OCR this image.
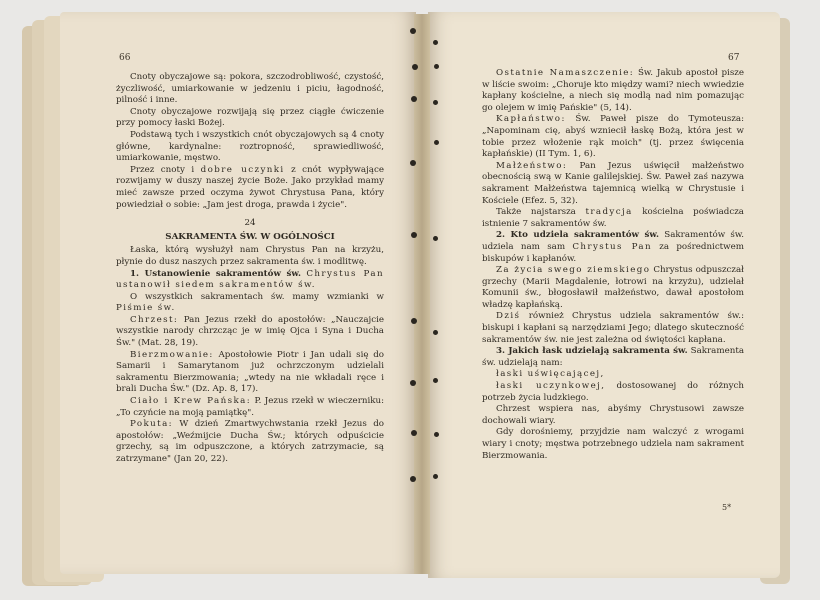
66	67

Cnoty obyczajowe są: pokora, szczodrobliwość, czystość, życzliwość, umiarkowanie w jedzeniu i piciu, łagodność, pilność i inne.

Cnoty obyczajowe rozwijają się przez ciągłe ćwiczenie przy pomocy łaski Bożej.

Podstawą tych i wszystkich cnót obyczajowych są 4 cnoty główne, kardynalne: roztropność, sprawiedliwość, umiarkowanie, męstwo.

Przez cnoty i dobre uczynki z cnót wypływające rozwijamy w duszy naszej życie Boże. Jako przykład mamy mieć zawsze przed oczyma żywot Chrystusa Pana, który powiedział o sobie: „Jam jest droga, prawda i życie".

24

SAKRAMENTA ŚW. W OGÓLNOŚCI

Łaska, którą wysłużył nam Chrystus Pan na krzyżu, płynie do dusz naszych przez sakramenta św. i modlitwę.

1. Ustanowienie sakramentów św. Chrystus Pan ustanowił siedem sakramentów św.

O wszystkich sakramentach św. mamy wzmianki w Piśmie św.

Chrzest: Pan Jezus rzekł do apostołów: „Nauczajcie wszystkie narody chrzcząc je w imię Ojca i Syna i Ducha Św." (Mat. 28, 19).

Bierzmowanie: Apostołowie Piotr i Jan udali się do Samarii i Samarytanom już ochrzczonym udzielali sakramentu Bierzmowania; „wtedy na nie wkładali ręce i brali Ducha Św." (Dz. Ap. 8, 17).

Ciało i Krew Pańska: P. Jezus rzekł w wieczerniku: „To czyńcie na moją pamiątkę".

Pokuta: W dzień Zmartwychwstania rzekł Jezus do apostołów: „Weźmijcie Ducha Św.; których odpuścicie grzechy, są im odpuszczone, a których zatrzymacie, są zatrzymane" (Jan 20, 22).

Ostatnie Namaszczenie: Św. Jakub apostoł pisze w liście swoim: „Choruje kto między wami? niech wwiedzie kapłany kościelne, a niech się modlą nad nim pomazując go olejem w imię Pańskie" (5, 14).

Kapłaństwo: Św. Paweł pisze do Tymoteusza: „Napominam cię, abyś wzniecił łaskę Bożą, która jest w tobie przez włożenie rąk moich" (tj. przez święcenia kapłańskie) (II Tym. 1, 6).

Małżeństwo: Pan Jezus uświęcił małżeństwo obecnością swą w Kanie galilejskiej. Św. Paweł zaś nazywa sakrament Małżeństwa tajemnicą wielką w Chrystusie i Kościele (Efez. 5, 32).

Także najstarsza tradycja kościelna poświadcza istnienie 7 sakramentów św.

2. Kto udziela sakramentów św. Sakramentów św. udziela nam sam Chrystus Pan za pośrednictwem biskupów i kapłanów.

Za życia swego ziemskiego Chrystus odpuszczał grzechy (Marii Magdalenie, łotrowi na krzyżu), udzielał Komunii św., błogosławił małżeństwo, dawał apostołom władzę kapłańską.

Dziś również Chrystus udziela sakramentów św.: biskupi i kapłani są narzędziami Jego; dlatego skuteczność sakramentów św. nie jest zależna od świętości kapłana.

3. Jakich łask udzielają sakramenta św. Sakramenta św. udzielają nam:

łaski uświęcającej,

łaski uczynkowej, dostosowanej do różnych potrzeb życia ludzkiego.

Chrzest wspiera nas, abyśmy Chrystusowi zawsze dochowali wiary.

Gdy dorośniemy, przyjdzie nam walczyć z wrogami wiary i cnoty; męstwa potrzebnego udziela nam sakrament Bierzmowania.

5*
